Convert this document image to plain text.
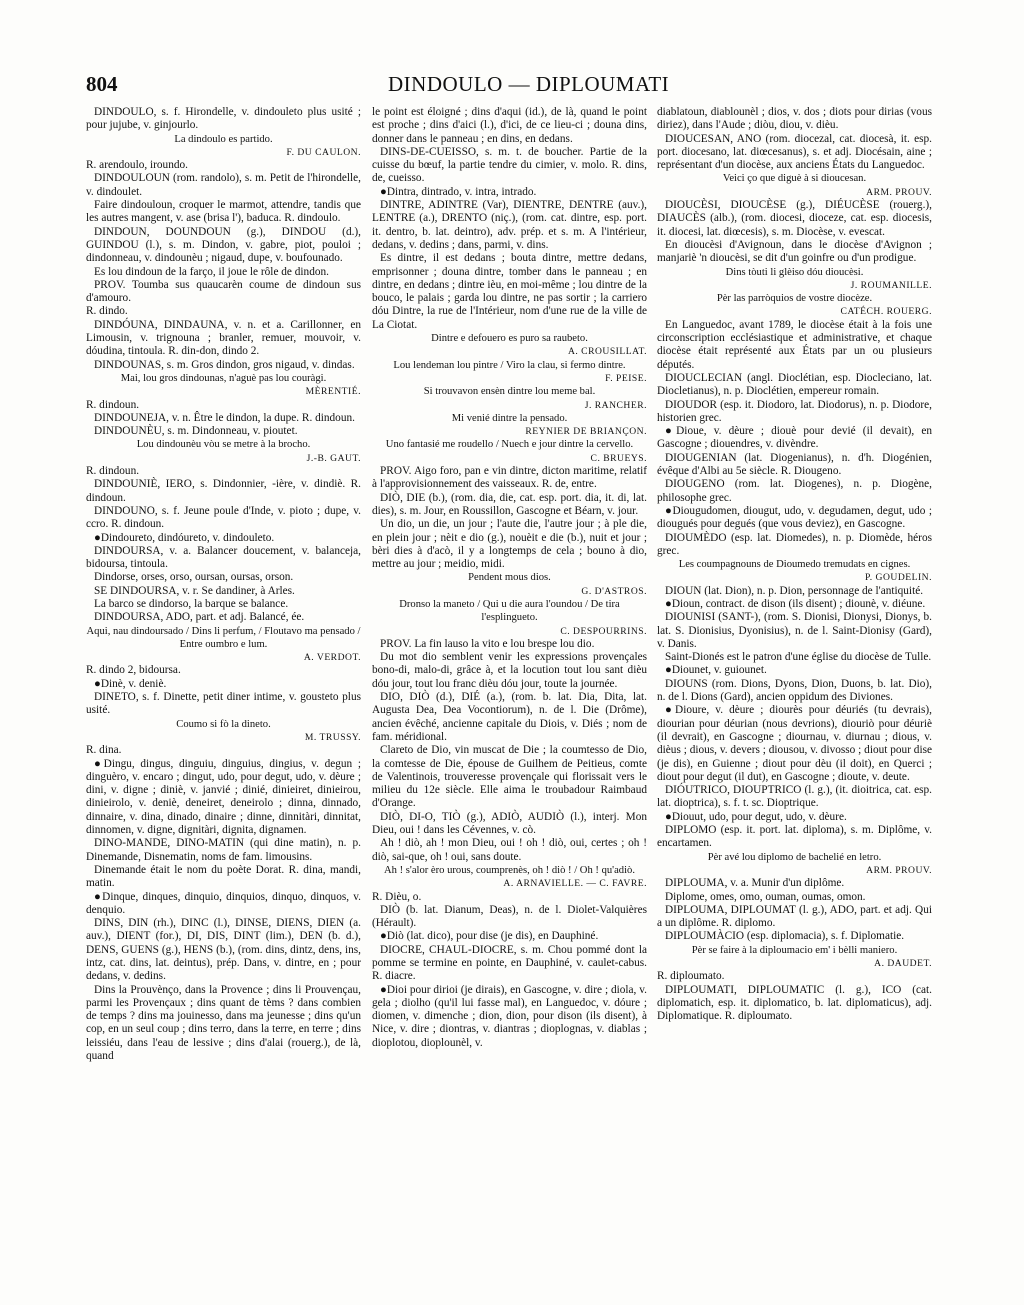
804	DINDOULO — DIPLOUMATI

DINDOULO, s. f. Hirondelle, v. dindouleto plus usité ; pour jujube, v. ginjourlo.

La dindoulo es partido.

F. DU CAULON.

R. arendoulo, iroundo.

DINDOULOUN (rom. randolo), s. m. Petit de l'hirondelle, v. dindoulet.

Faire dindouloun, croquer le marmot, attendre, tandis que les autres mangent, v. ase (brisa l'), baduca. R. dindoulo.

DINDOUN, DOUNDOUN (g.), DINDOU (d.), GUINDOU (l.), s. m. Dindon, v. gabre, piot, pouloi ; dindonneau, v. dindounèu ; nigaud, dupe, v. boufounado.

Es lou dindoun de la farço, il joue le rôle de dindon.

PROV. Toumba sus quaucarèn coume de dindoun sus d'amouro.

R. dindo.

DINDÓUNA, DINDAUNA, v. n. et a. Carillonner, en Limousin, v. trignouna ; branler, remuer, mouvoir, v. dóudina, tintoula. R. din-don, dindo 2.

DINDOUNAS, s. m. Gros dindon, gros nigaud, v. dindas.

Mai, lou gros dindounas, n'aguè pas lou couràgi.

MÈRENTIÉ.

R. dindoun.

DINDOUNEJA, v. n. Être le dindon, la dupe. R. dindoun.

DINDOUNÈU, s. m. Dindonneau, v. pioutet.

Lou dindounèu vòu se metre à la brocho.

J.-B. GAUT.

R. dindoun.

DINDOUNIÈ, IERO, s. Dindonnier, -ière, v. dindiè. R. dindoun.

DINDOUNO, s. f. Jeune poule d'Inde, v. pioto ; dupe, v. ccro. R. dindoun.

●Dindoureto, dindóureto, v. dindouleto.

DINDOURSA, v. a. Balancer doucement, v. balanceja, bidoursa, tintoula.

Dindorse, orses, orso, oursan, oursas, orson.

SE DINDOURSA, v. r. Se dandiner, à Arles.

La barco se dindorso, la barque se balance.

DINDOURSA, ADO, part. et adj. Balancé, ée.

Aqui, nau dindoursado / Dins li perfum, / Floutavo ma pensado / Entre oumbro e lum.

A. VERDOT.

R. dindo 2, bidoursa.

●Dinè, v. deniè.

DINETO, s. f. Dinette, petit diner intime, v. gousteto plus usité.

Coumo si fò la dineto.

M. TRUSSY.

R. dina.

●Dingu, dingus, dinguiu, dinguius, dingius, v. degun ; dinguèro, v. encaro ; dingut, udo, pour degut, udo, v. dèure ; dini, v. digne ; diniè, v. janvié ; dinié, dinieiret, dinieirou, dinieirolo, v. deniè, deneiret, deneirolo ; dinna, dinnado, dinnaire, v. dina, dinado, dinaire ; dinne, dinnitàri, dinnitat, dinnomen, v. digne, dignitàri, dignita, dignamen.

DINO-MANDE, DINO-MATIN (qui dine matin), n. p. Dinemande, Disnematin, noms de fam. limousins.

Dinemande était le nom du poète Dorat. R. dina, mandi, matin.

●Dinque, dinques, dinquio, dinquios, dinquo, dinquos, v. denquio.

DINS, DIN (rh.), DINC (l.), DINSE, DIENS, DIEN (a. auv.), DIENT (for.), DI, DIS, DINT (lim.), DEN (b. d.), DENS, GUENS (g.), HENS (b.), (rom. dins, dintz, dens, ins, intz, cat. dins, lat. deintus), prép. Dans, v. dintre, en ; pour dedans, v. dedins.

Dins la Prouvènço, dans la Provence ; dins li Prouvençau, parmi les Provençaux ; dins quant de tèms ? dans combien de temps ? dins ma jouinesso, dans ma jeunesse ; dins qu'un cop, en un seul coup ; dins terro, dans la terre, en terre ; dins leissiéu, dans l'eau de lessive ; dins d'alai (rouerg.), de là, quand

le point est éloigné ; dins d'aqui (id.), de là, quand le point est proche ; dins d'aici (l.), d'ici, de ce lieu-ci ; douna dins, donner dans le panneau ; en dins, en dedans.

DINS-DE-CUEISSO, s. m. t. de boucher. Partie de la cuisse du bœuf, la partie tendre du cimier, v. molo. R. dins, de, cueisso.

●Dintra, dintrado, v. intra, intrado.

DINTRE, ADINTRE (Var), DIENTRE, DENTRE (auv.), LENTRE (a.), DRENTO (niç.), (rom. cat. dintre, esp. port. it. dentro, b. lat. deintro), adv. prép. et s. m. A l'intérieur, dedans, v. dedins ; dans, parmi, v. dins.

Es dintre, il est dedans ; bouta dintre, mettre dedans, emprisonner ; douna dintre, tomber dans le panneau ; en dintre, en dedans ; dintre ièu, en moi-même ; lou dintre de la bouco, le palais ; garda lou dintre, ne pas sortir ; la carriero dóu Dintre, la rue de l'Intérieur, nom d'une rue de la ville de La Ciotat.

Dintre e defouero es puro sa raubeto.

A. CROUSILLAT.

Lou lendeman lou pintre / Viro la clau, si fermo dintre.

F. PEISE.

Si trouvavon ensèn dintre lou meme bal.

J. RANCHER.

Mi venié dintre la pensado.

REYNIER DE BRIANÇON.

Uno fantasié me roudello / Nuech e jour dintre la cervello.

C. BRUEYS.

PROV. Aigo foro, pan e vin dintre, dicton maritime, relatif à l'approvisionnement des vaisseaux. R. de, entre.

DIÒ, DIE (b.), (rom. dia, die, cat. esp. port. dia, it. di, lat. dies), s. m. Jour, en Roussillon, Gascogne et Béarn, v. jour.

Un dio, un die, un jour ; l'aute die, l'autre jour ; à ple die, en plein jour ; nèit e dio (g.), nouèit e die (b.), nuit et jour ; bèri dies à d'acò, il y a longtemps de cela ; bouno à dio, mettre au jour ; meidio, midi.

Pendent mous dios.

G. D'ASTROS.

Dronso la maneto / Qui u die aura l'oundou / De tira l'esplingueto.

C. DESPOURRINS.

PROV. La fin lauso la vito e lou brespe lou dio.

Du mot dio semblent venir les expressions provençales bono-di, malo-di, grâce à, et la locution tout lou sant dièu dóu jour, tout lou franc dièu dóu jour, toute la journée.

DIO, DIÒ (d.), DIÉ (a.), (rom. b. lat. Dia, Dita, lat. Augusta Dea, Dea Vocontiorum), n. de l. Die (Drôme), ancien évêché, ancienne capitale du Diois, v. Diés ; nom de fam. méridional.

Clareto de Dio, vin muscat de Die ; la coumtesso de Dio, la comtesse de Die, épouse de Guilhem de Peitieus, comte de Valentinois, trouveresse provençale qui florissait vers le milieu du 12e siècle. Elle aima le troubadour Raimbaud d'Orange.

DIÒ, DI-O, TIÒ (g.), ADIÒ, AUDIÒ (l.), interj. Mon Dieu, oui ! dans les Cévennes, v. cò.

Ah ! diò, ah ! mon Dieu, oui ! oh ! diò, oui, certes ; oh ! diò, sai-que, oh ! oui, sans doute.

Ah ! s'alor èro urous, coumprenès, oh ! diò ! / Oh ! qu'adiò.

A. ARNAVIELLE. — C. FAVRE.

R. Dièu, o.

DIÒ (b. lat. Dianum, Deas), n. de l. Diolet-Valquières (Hérault).

●Diò (lat. dico), pour dise (je dis), en Dauphiné.

DIOCRE, CHAUL-DIOCRE, s. m. Chou pommé dont la pomme se termine en pointe, en Dauphiné, v. caulet-cabus. R. diacre.

●Dioi pour dirioi (je dirais), en Gascogne, v. dire ; diola, v. gela ; diolho (qu'il lui fasse mal), en Languedoc, v. dóure ; diomen, v. dimenche ; dion, dion, pour dison (ils disent), à Nice, v. dire ; diontras, v. diantras ; dioplognas, v. diablas ; dioplotou, dioplounèl, v.

diablatoun, diablounèl ; dios, v. dos ; diots pour dirias (vous diriez), dans l'Aude ; diòu, diou, v. dièu.

DIOUCESAN, ANO (rom. diocezal, cat. diocesà, it. esp. port. diocesano, lat. diœcesanus), s. et adj. Diocésain, aine ; représentant d'un diocèse, aux anciens États du Languedoc.

Veici ço que diguè à si dioucesan.

ARM. PROUV.

DIOUCÈSI, DIOUCÈSE (g.), DIÉUCÈSE (rouerg.), DIAUCÈS (alb.), (rom. diocesi, dioceze, cat. esp. diocesis, it. diocesi, lat. diœcesis), s. m. Diocèse, v. evescat.

En dioucèsi d'Avignoun, dans le diocèse d'Avignon ; manjariè 'n dioucèsi, se dit d'un goinfre ou d'un prodigue.

Dins tòuti li glèiso dóu dioucèsi.

J. ROUMANILLE.

Pèr las parròquios de vostre diocèze.

CATÉCH. ROUERG.

En Languedoc, avant 1789, le diocèse était à la fois une circonscription ecclésiastique et administrative, et chaque diocèse était représenté aux États par un ou plusieurs députés.

DIOUCLECIAN (angl. Dioclétian, esp. Diocleciano, lat. Diocletianus), n. p. Dioclétien, empereur romain.

DIOUDOR (esp. it. Diodoro, lat. Diodorus), n. p. Diodore, historien grec.

●Dioue, v. dèure ; diouè pour devié (il devait), en Gascogne ; diouendres, v. divèndre.

DIOUGENIAN (lat. Diogenianus), n. d'h. Diogénien, évêque d'Albi au 5e siècle. R. Diougeno.

DIOUGENO (rom. lat. Diogenes), n. p. Diogène, philosophe grec.

●Diougudomen, diougut, udo, v. degudamen, degut, udo ; diougués pour degués (que vous deviez), en Gascogne.

DIOUMÈDO (esp. lat. Diomedes), n. p. Diomède, héros grec.

Les coumpagnouns de Dioumedo tremudats en cignes.

P. GOUDELIN.

DIOUN (lat. Dion), n. p. Dion, personnage de l'antiquité.

●Dioun, contract. de dison (ils disent) ; diounè, v. diéune.

DIOUNISI (SANT-), (rom. S. Dionisi, Dionysi, Dionys, b. lat. S. Dionisius, Dyonisius), n. de l. Saint-Dionisy (Gard), v. Danis.

Saint-Dionés est le patron d'une église du diocèse de Tulle.

●Diounet, v. guiounet.

DIOUNS (rom. Dions, Dyons, Dion, Duons, b. lat. Dio), n. de l. Dions (Gard), ancien oppidum des Diviones.

●Dioure, v. dèure ; diourès pour déuriés (tu devrais), diourian pour déurian (nous devrions), diouriò pour déuriè (il devrait), en Gascogne ; diournau, v. diurnau ; dious, v. dièus ; dious, v. devers ; diousou, v. divosso ; diout pour dise (je dis), en Guienne ; diout pour dèu (il doit), en Querci ; diout pour degut (il dut), en Gascogne ; dioute, v. deute.

DIÓUTRICO, DIOUPTRICO (l. g.), (it. dioitrica, cat. esp. lat. dioptrica), s. f. t. sc. Dioptrique.

●Diouut, udo, pour degut, udo, v. dèure.

DIPLOMO (esp. it. port. lat. diploma), s. m. Diplôme, v. encartamen.

Pèr avé lou diplomo de bachelié en letro.

ARM. PROUV.

DIPLOUMA, v. a. Munir d'un diplôme.

Diplome, omes, omo, ouman, oumas, omon.

DIPLOUMA, DIPLOUMAT (l. g.), ADO, part. et adj. Qui a un diplôme. R. diplomo.

DIPLOUMÀCIO (esp. diplomacia), s. f. Diplomatie.

Pèr se faire à la diploumacio em' i bèlli maniero.

A. DAUDET.

R. diploumato.

DIPLOUMATI, DIPLOUMATIC (l. g.), ICO (cat. diplomatich, esp. it. diplomatico, b. lat. diplomaticus), adj. Diplomatique. R. diploumato.
